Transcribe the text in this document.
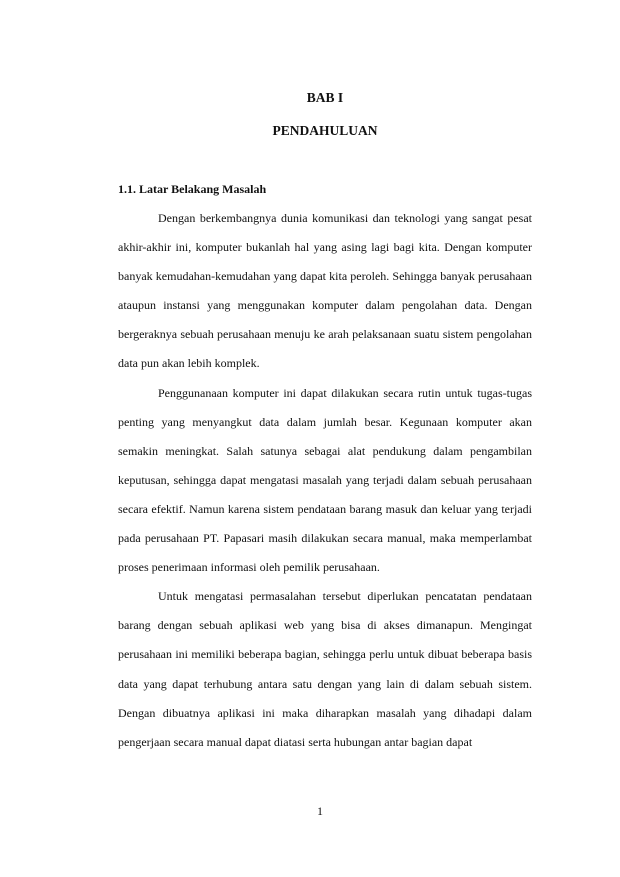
BAB I
PENDAHULUAN
1.1. Latar Belakang Masalah

Dengan berkembangnya dunia komunikasi dan teknologi yang sangat pesat akhir-akhir ini, komputer bukanlah hal yang asing lagi bagi kita. Dengan komputer banyak kemudahan-kemudahan yang dapat kita peroleh. Sehingga banyak perusahaan ataupun instansi yang menggunakan komputer dalam pengolahan data. Dengan bergeraknya sebuah perusahaan menuju ke arah pelaksanaan suatu sistem pengolahan data pun akan lebih komplek.

Penggunanaan komputer ini dapat dilakukan secara rutin untuk tugas-tugas penting yang menyangkut data dalam jumlah besar. Kegunaan komputer akan semakin meningkat. Salah satunya sebagai alat pendukung dalam pengambilan keputusan, sehingga dapat mengatasi masalah yang terjadi dalam sebuah perusahaan secara efektif. Namun karena sistem pendataan barang masuk dan keluar yang terjadi pada perusahaan PT. Papasari masih dilakukan secara manual, maka memperlambat proses penerimaan informasi oleh pemilik perusahaan.

Untuk mengatasi permasalahan tersebut diperlukan pencatatan pendataan barang dengan sebuah aplikasi web yang bisa di akses dimanapun. Mengingat perusahaan ini memiliki beberapa bagian, sehingga perlu untuk dibuat beberapa basis data yang dapat terhubung antara satu dengan yang lain di dalam sebuah sistem. Dengan dibuatnya aplikasi ini maka diharapkan masalah yang dihadapi dalam pengerjaan secara manual dapat diatasi serta hubungan antar bagian dapat

1
